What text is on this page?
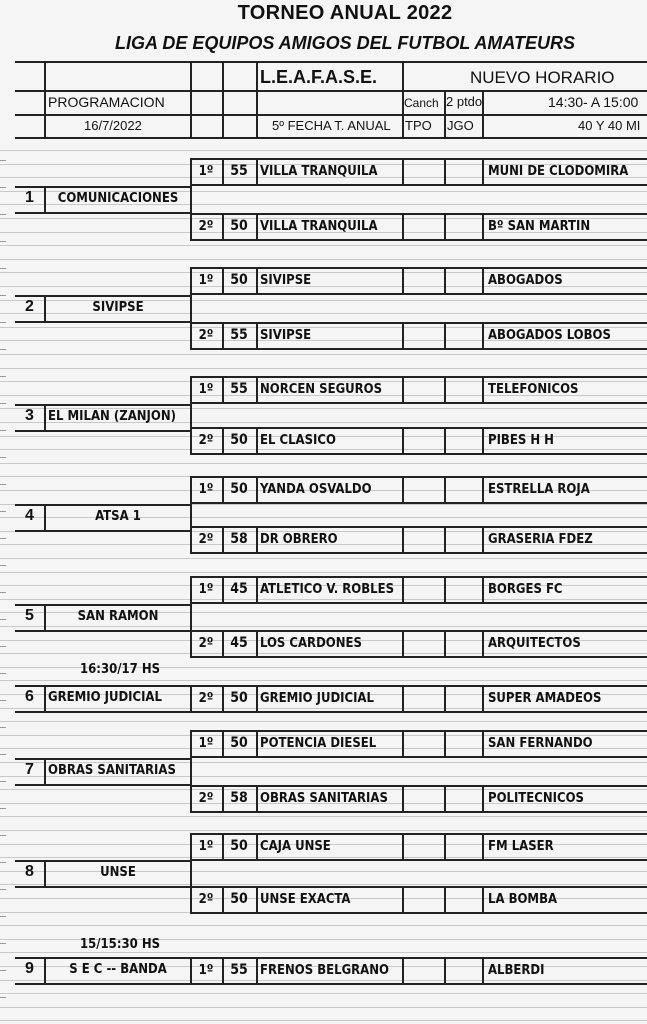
TORNEO ANUAL 2022
LIGA DE EQUIPOS AMIGOS DEL FUTBOL AMATEURS
L.E.A.F.A.S.E.	NUEVO HORARIO
PROGRAMACION	Canch 2 ptdo	14:30- A 15:00
16/7/2022	5º FECHA T. ANUAL TPO JGO	40 Y 40 MI
1	COMUNICACIONES
1º	55 VILLA TRANQUILA	MUNI DE CLODOMIRA
2º	50 VILLA TRANQUILA	Bº SAN MARTIN
2	SIVIPSE
1º	50 SIVIPSE	ABOGADOS
2º	55 SIVIPSE	ABOGADOS LOBOS
3	EL MILAN (ZANJON)
1º	55 NORCEN SEGUROS	TELEFONICOS
2º	50 EL CLASICO	PIBES H H
4	ATSA 1
1º	50 YANDA OSVALDO	ESTRELLA ROJA
2º	58 DR OBRERO	GRASERIA FDEZ
5	SAN RAMON
1º	45 ATLETICO V. ROBLES	BORGES FC
2º	45 LOS CARDONES	ARQUITECTOS
6	GREMIO JUDICIAL	2º	50 GREMIO JUDICIAL	SUPER AMADEOS
7	OBRAS SANITARIAS
1º	50 POTENCIA DIESEL	SAN FERNANDO
2º	58 OBRAS SANITARIAS	POLITECNICOS
8	UNSE
1º	50 CAJA UNSE	FM LASER
2º	50 UNSE EXACTA	LA BOMBA
9	S E C -- BANDA	1º	55 FRENOS BELGRANO	ALBERDI
16:30/17 HS
15/15:30 HS
